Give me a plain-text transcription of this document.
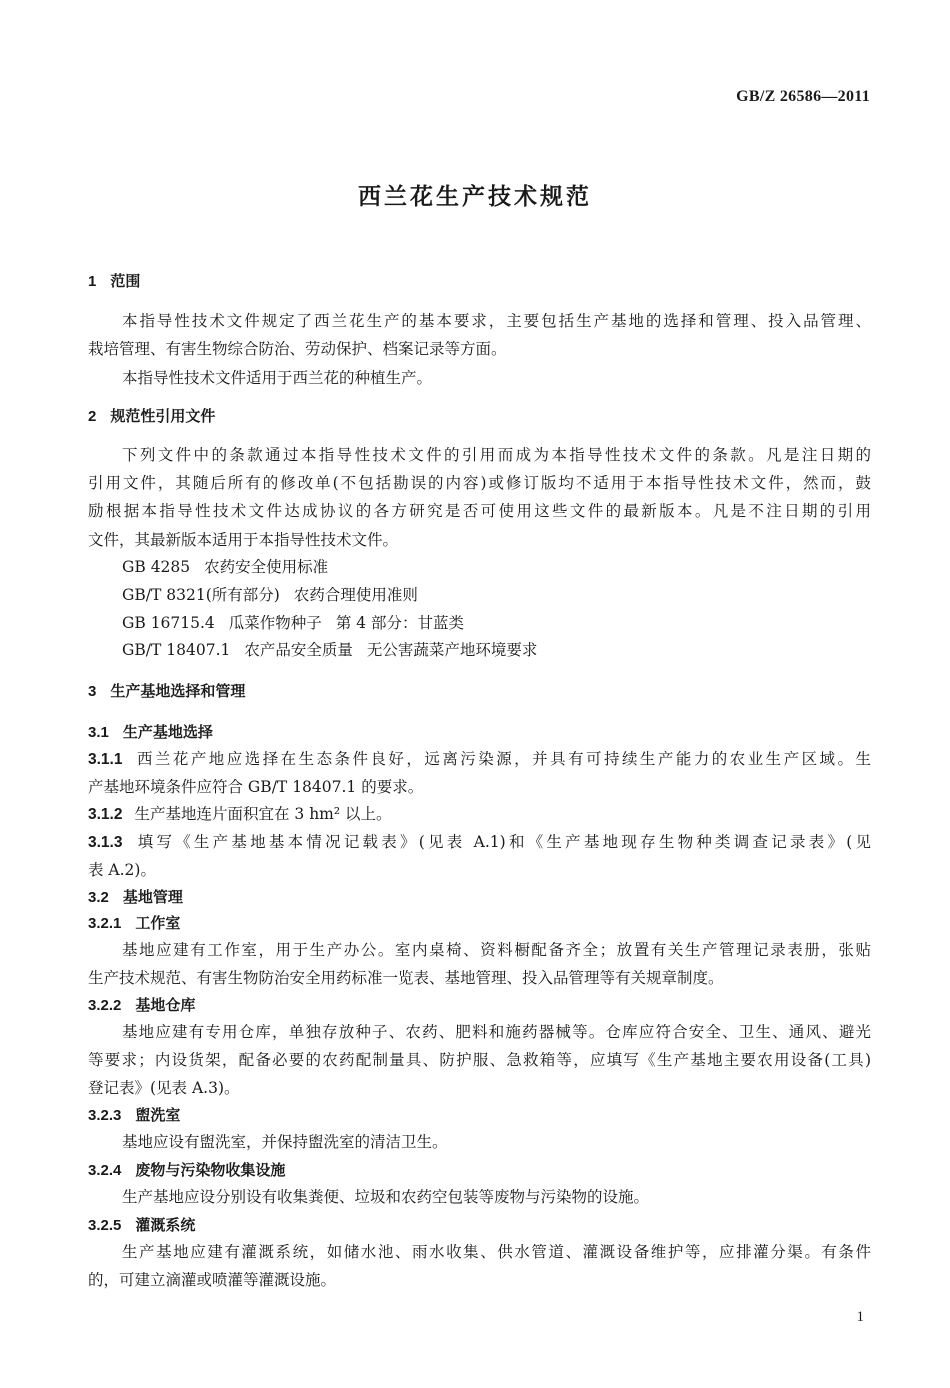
GB/Z 26586—2011
西兰花生产技术规范
1 范围
本指导性技术文件规定了西兰花生产的基本要求，主要包括生产基地的选择和管理、投入品管理、
栽培管理、有害生物综合防治、劳动保护、档案记录等方面。
本指导性技术文件适用于西兰花的种植生产。
2 规范性引用文件
下列文件中的条款通过本指导性技术文件的引用而成为本指导性技术文件的条款。凡是注日期的
引用文件，其随后所有的修改单(不包括勘误的内容)或修订版均不适用于本指导性技术文件，然而，鼓
励根据本指导性技术文件达成协议的各方研究是否可使用这些文件的最新版本。凡是不注日期的引用
文件，其最新版本适用于本指导性技术文件。
GB 4285 农药安全使用标准
GB/T 8321(所有部分) 农药合理使用准则
GB 16715.4 瓜菜作物种子 第 4 部分：甘蓝类
GB/T 18407.1 农产品安全质量 无公害蔬菜产地环境要求
3 生产基地选择和管理
3.1 生产基地选择
3.1.1 西兰花产地应选择在生态条件良好，远离污染源，并具有可持续生产能力的农业生产区域。生
产基地环境条件应符合 GB/T 18407.1 的要求。
3.1.2 生产基地连片面积宜在 3 hm² 以上。
3.1.3 填写《生产基地基本情况记载表》(见表 A.1)和《生产基地现存生物种类调查记录表》(见
表 A.2)。
3.2 基地管理
3.2.1 工作室
基地应建有工作室，用于生产办公。室内桌椅、资料橱配备齐全；放置有关生产管理记录表册，张贴
生产技术规范、有害生物防治安全用药标准一览表、基地管理、投入品管理等有关规章制度。
3.2.2 基地仓库
基地应建有专用仓库，单独存放种子、农药、肥料和施药器械等。仓库应符合安全、卫生、通风、避光
等要求；内设货架，配备必要的农药配制量具、防护服、急救箱等，应填写《生产基地主要农用设备(工具)
登记表》(见表 A.3)。
3.2.3 盥洗室
基地应设有盥洗室，并保持盥洗室的清洁卫生。
3.2.4 废物与污染物收集设施
生产基地应设分别设有收集粪便、垃圾和农药空包装等废物与污染物的设施。
3.2.5 灌溉系统
生产基地应建有灌溉系统，如储水池、雨水收集、供水管道、灌溉设备维护等，应排灌分渠。有条件
的，可建立滴灌或喷灌等灌溉设施。
1
